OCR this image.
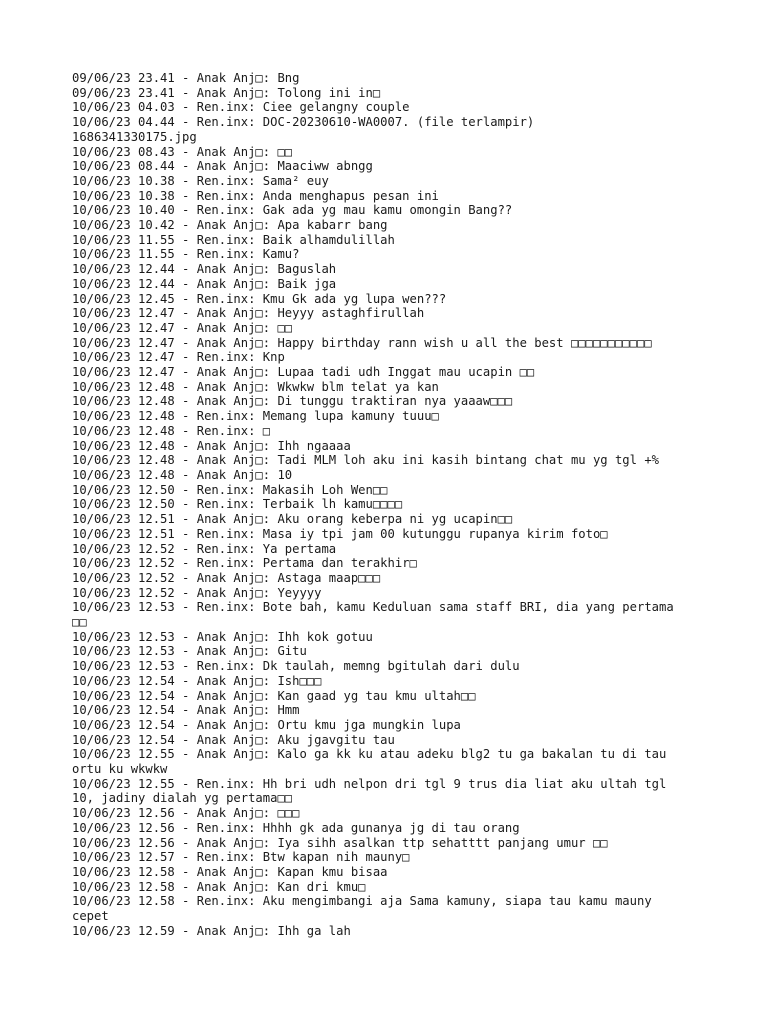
09/06/23 23.41 - Anak Anj□: Bng
09/06/23 23.41 - Anak Anj□: Tolong ini in□
10/06/23 04.03 - Ren.inx: Ciee gelangny couple
10/06/23 04.44 - Ren.inx: DOC-20230610-WA0007. (file terlampir)
1686341330175.jpg
10/06/23 08.43 - Anak Anj□: □□
10/06/23 08.44 - Anak Anj□: Maaciww abngg
10/06/23 10.38 - Ren.inx: Sama² euy
10/06/23 10.38 - Ren.inx: Anda menghapus pesan ini
10/06/23 10.40 - Ren.inx: Gak ada yg mau kamu omongin Bang??
10/06/23 10.42 - Anak Anj□: Apa kabarr bang
10/06/23 11.55 - Ren.inx: Baik alhamdulillah
10/06/23 11.55 - Ren.inx: Kamu?
10/06/23 12.44 - Anak Anj□: Baguslah
10/06/23 12.44 - Anak Anj□: Baik jga
10/06/23 12.45 - Ren.inx: Kmu Gk ada yg lupa wen???
10/06/23 12.47 - Anak Anj□: Heyyy astaghfirullah
10/06/23 12.47 - Anak Anj□: □□
10/06/23 12.47 - Anak Anj□: Happy birthday rann wish u all the best □□□□□□□□□□□
10/06/23 12.47 - Ren.inx: Knp
10/06/23 12.47 - Anak Anj□: Lupaa tadi udh Inggat mau ucapin □□
10/06/23 12.48 - Anak Anj□: Wkwkw blm telat ya kan
10/06/23 12.48 - Anak Anj□: Di tunggu traktiran nya yaaaw□□□
10/06/23 12.48 - Ren.inx: Memang lupa kamuny tuuu□
10/06/23 12.48 - Ren.inx: □
10/06/23 12.48 - Anak Anj□: Ihh ngaaaa
10/06/23 12.48 - Anak Anj□: Tadi MLM loh aku ini kasih bintang chat mu yg tgl +%
10/06/23 12.48 - Anak Anj□: 10
10/06/23 12.50 - Ren.inx: Makasih Loh Wen□□
10/06/23 12.50 - Ren.inx: Terbaik lh kamu□□□□
10/06/23 12.51 - Anak Anj□: Aku orang keberpa ni yg ucapin□□
10/06/23 12.51 - Ren.inx: Masa iy tpi jam 00 kutunggu rupanya kirim foto□
10/06/23 12.52 - Ren.inx: Ya pertama
10/06/23 12.52 - Ren.inx: Pertama dan terakhir□
10/06/23 12.52 - Anak Anj□: Astaga maap□□□
10/06/23 12.52 - Anak Anj□: Yeyyyy
10/06/23 12.53 - Ren.inx: Bote bah, kamu Keduluan sama staff BRI, dia yang pertama
□□
10/06/23 12.53 - Anak Anj□: Ihh kok gotuu
10/06/23 12.53 - Anak Anj□: Gitu
10/06/23 12.53 - Ren.inx: Dk taulah, memng bgitulah dari dulu
10/06/23 12.54 - Anak Anj□: Ish□□□
10/06/23 12.54 - Anak Anj□: Kan gaad yg tau kmu ultah□□
10/06/23 12.54 - Anak Anj□: Hmm
10/06/23 12.54 - Anak Anj□: Ortu kmu jga mungkin lupa
10/06/23 12.54 - Anak Anj□: Aku jgavgitu tau
10/06/23 12.55 - Anak Anj□: Kalo ga kk ku atau adeku blg2 tu ga bakalan tu di tau
ortu ku wkwkw
10/06/23 12.55 - Ren.inx: Hh bri udh nelpon dri tgl 9 trus dia liat aku ultah tgl
10, jadiny dialah yg pertama□□
10/06/23 12.56 - Anak Anj□: □□□
10/06/23 12.56 - Ren.inx: Hhhh gk ada gunanya jg di tau orang
10/06/23 12.56 - Anak Anj□: Iya sihh asalkan ttp sehatttt panjang umur □□
10/06/23 12.57 - Ren.inx: Btw kapan nih mauny□
10/06/23 12.58 - Anak Anj□: Kapan kmu bisaa
10/06/23 12.58 - Anak Anj□: Kan dri kmu□
10/06/23 12.58 - Ren.inx: Aku mengimbangi aja Sama kamuny, siapa tau kamu mauny
cepet
10/06/23 12.59 - Anak Anj□: Ihh ga lah
